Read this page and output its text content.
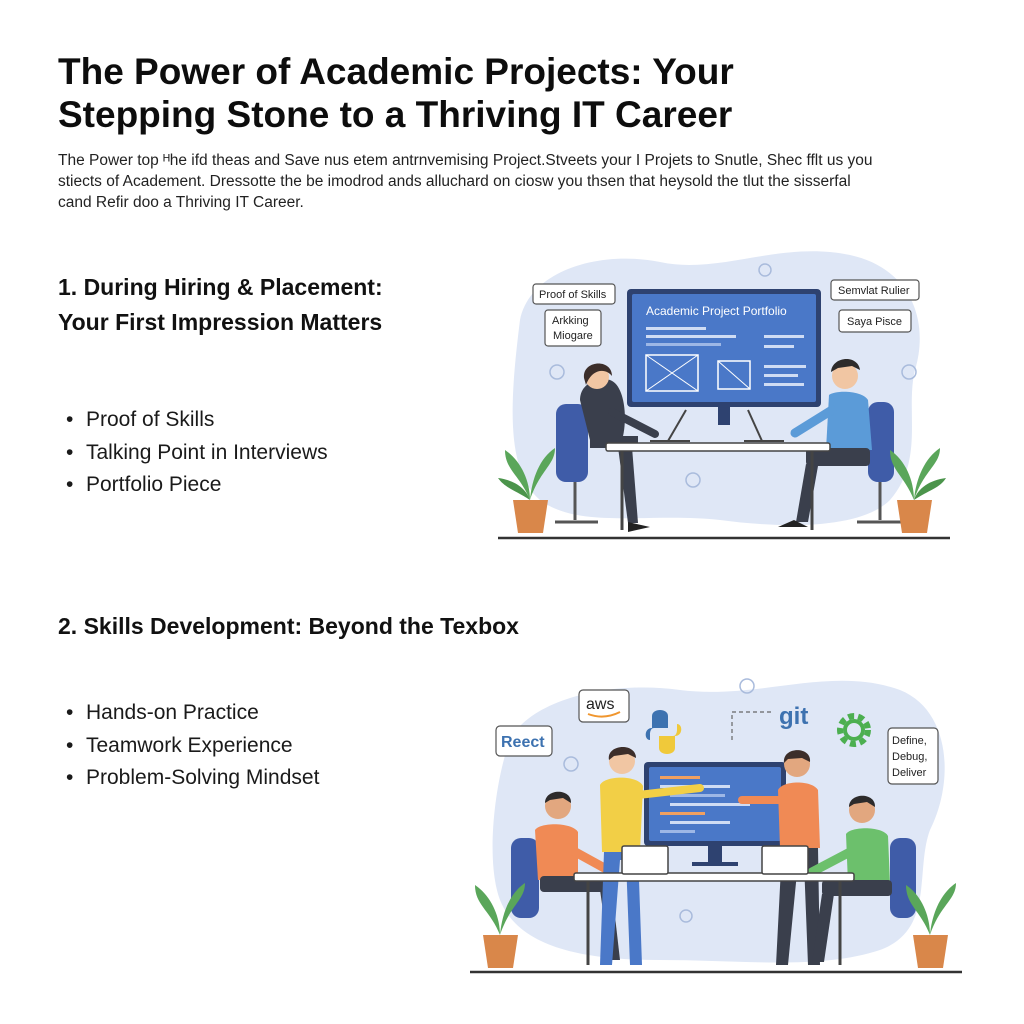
The Power of Academic Projects: Your
Stepping Stone to a Thriving IT Career

The Power top ᴴhe ifd theas and Save nus etem antrnvemising Project.Stveets your I Projets to Snutle, Shec fflt us you
stiects of Academent. Dressotte the be imodrod ands alluchard on ciosw you thsen that heysold the tlut the sisserfal
cand Refir doo a Thriving IT Career.

1. During Hiring & Placement:
Your First Impression Matters
• Proof of Skills
• Talking Point in Interviews
• Portfolio Piece
2. Skills Development: Beyond the Texbox
• Hands-on Practice
• Teamwork Experience
• Problem-Solving Mindset
Academic Project Portfolio
Proof of Skills
Arkking
Miogare
Semvlat Rulier
Saya Pisce
Reect
aws	git
Define,
Debug,
Deliver
